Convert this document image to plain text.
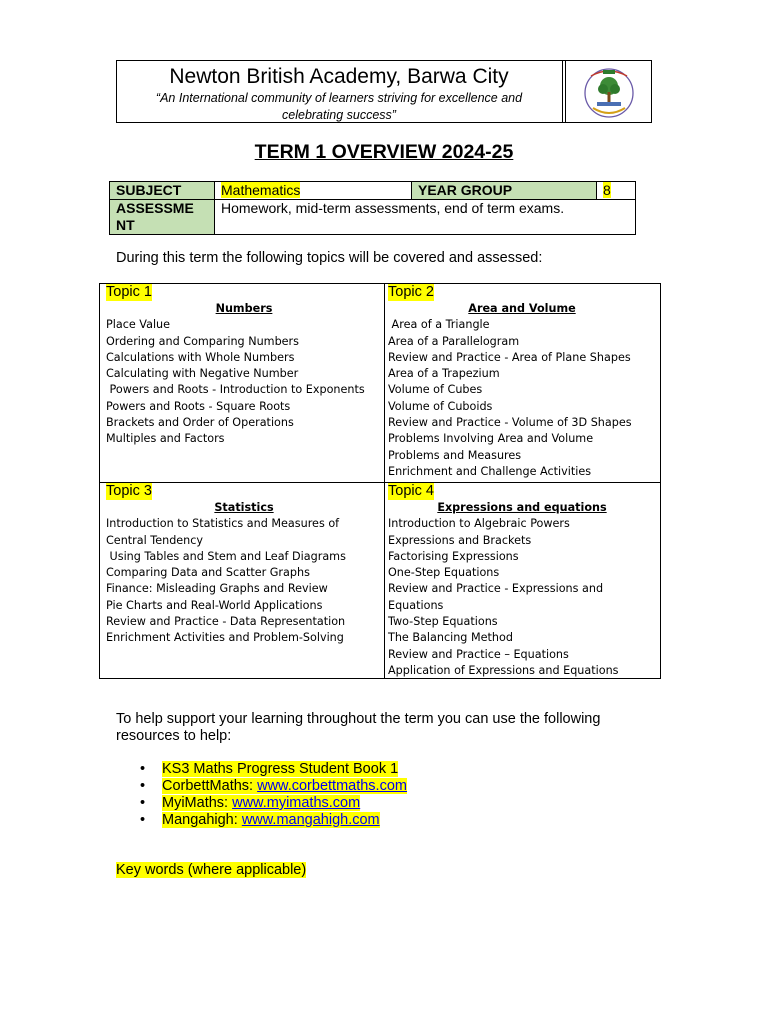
Newton British Academy, Barwa City
“An International community of learners striving for excellence and
celebrating success”
TERM 1 OVERVIEW 2024-25
SUBJECT	Mathematics	YEAR GROUP	8

ASSESSME
NT	Homework, mid-term assessments, end of term exams.		
During this term the following topics will be covered and assessed:
Topic 1
Numbers
Place Value
Ordering and Comparing Numbers
Calculations with Whole Numbers
Calculating with Negative Number
Powers and Roots - Introduction to Exponents
Powers and Roots - Square Roots
Brackets and Order of Operations
Multiples and Factors
Topic 2
Area and Volume
Area of a Triangle
Area of a Parallelogram
Review and Practice - Area of Plane Shapes
Area of a Trapezium
Volume of Cubes
Volume of Cuboids
Review and Practice - Volume of 3D Shapes
Problems Involving Area and Volume
Problems and Measures
Enrichment and Challenge Activities
Topic 3
Statistics
Introduction to Statistics and Measures of
Central Tendency
Using Tables and Stem and Leaf Diagrams
Comparing Data and Scatter Graphs
Finance: Misleading Graphs and Review
Pie Charts and Real-World Applications
Review and Practice - Data Representation
Enrichment Activities and Problem-Solving
Topic 4
Expressions and equations
Introduction to Algebraic Powers
Expressions and Brackets
Factorising Expressions
One-Step Equations
Review and Practice - Expressions and
Equations
Two-Step Equations
The Balancing Method
Review and Practice – Equations
Application of Expressions and Equations
To help support your learning throughout the term you can use the following
resources to help:
• KS3 Maths Progress Student Book 1
• CorbettMaths: www.corbettmaths.com
• MyiMaths: www.myimaths.com
• Mangahigh: www.mangahigh.com
Key words (where applicable)
